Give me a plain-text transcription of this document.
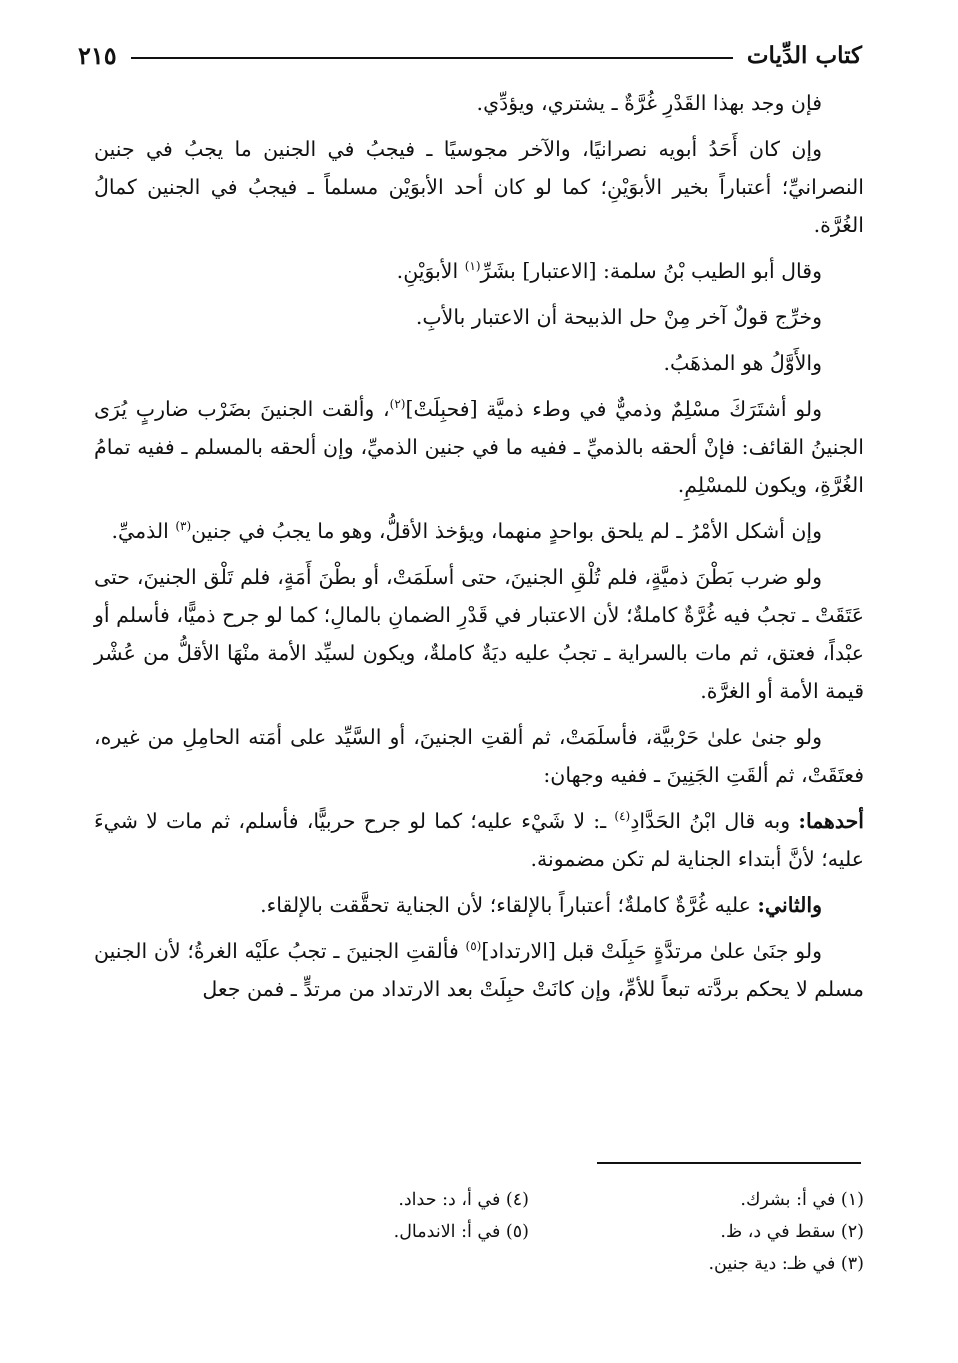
كتاب الدِّيات
٢١٥

فإن وجد بهذا القَدْرِ غُرَّةٌ ـ يشتري، ويؤدِّي.

وإن كان أَحَدُ أبويه نصرانيًا، والآخر مجوسيًا ـ فيجبُ في الجنين ما يجبُ في جنين النصرانيِّ؛ أعتباراً بخير الأبوَيْنِ؛ كما لو كان أحد الأبوَيْن مسلماً ـ فيجبُ في الجنين كمالُ الغُرَّة.

وقال أبو الطيب بْنُ سلمة: [الاعتبار] بشَرِّ$^{(١)}$ الأبوَيْنِ.

وخرِّج قولٌ آخر مِنْ حل الذبيحة أن الاعتبار بالأبِ.

والأَوَّلُ هو المذهَبُ.

ولو أشتَرَكَ مسْلِمٌ وذميٌّ في وطء ذميَّة [فحبِلَتْ]$^{(٢)}$، وألقت الجنينَ بضَرْب ضاربٍ يُرَى الجنينُ القائف: فإنْ ألحقه بالذميِّ ـ ففيه ما في جنين الذميِّ، وإن ألحقه بالمسلم ـ ففيه تمامُ الغُرَّةِ، ويكون للمسْلِمِ.

وإن أشكل الأمْرُ ـ لم يلحق بواحدٍ منهما، ويؤخذ الأقلُّ، وهو ما يجبُ في جنين$^{(٣)}$ الذميِّ.

ولو ضرب بَطْنَ ذميَّةٍ، فلم تُلْقِ الجنينَ، حتى أسلَمَتْ، أو بطْنَ أَمَةٍ، فلم تَلْق الجنينَ، حتى عَتَقَتْ ـ تجبُ فيه غُرَّةٌ كاملةٌ؛ لأن الاعتبار في قَدْرِ الضمانِ بالمالِ؛ كما لو جرح ذميًّا، فأسلم أو عبْداً، فعتق، ثم مات بالسراية ـ تجبُ عليه ديَةٌ كاملةٌ، ويكون لسيِّد الأمة منْهَا الأقلُّ من عُشْر قيمة الأمة أو الغرَّة.

ولو جنىٰ علىٰ حَرْبيَّة، فأسلَمَتْ، ثم ألقتِ الجنينَ، أو السَّيِّد على أمَته الحامِلِ من غيره، فعتَقَتْ، ثم ألقَتِ الجَنِينَ ـ ففيه وجهان:

أحدهما: وبه قال ابْنُ الحَدَّادِ$^{(٤)}$ ـ: لا شَيْء عليه؛ كما لو جرح حربيًّا، فأسلم، ثم مات لا شيءَ عليه؛ لأنَّ أبتداء الجناية لم تكن مضمونة.

والثاني: عليه غُرَّةٌ كاملةٌ؛ أعتباراً بالإلقاء؛ لأن الجناية تحقَّقت بالإلقاء.

ولو جنَىٰ علىٰ مرتدَّةٍ حَبِلَتْ قبل [الارتداد]$^{(٥)}$ فألقتِ الجنينَ ـ تجبُ علَيْه الغرةُ؛ لأن الجنين مسلم لا يحكم بردَّته تبعاً للأمِّ، وإن كانَتْ حبِلَتْ بعد الارتداد من مرتدٍّ ـ فمن جعل

(١) في أ: بشرك.
(٤) في أ، د: حداد.
(٢) سقط في د، ظ.
(٥) في أ: الاندمال.
(٣) في ظـ: دية جنين.
